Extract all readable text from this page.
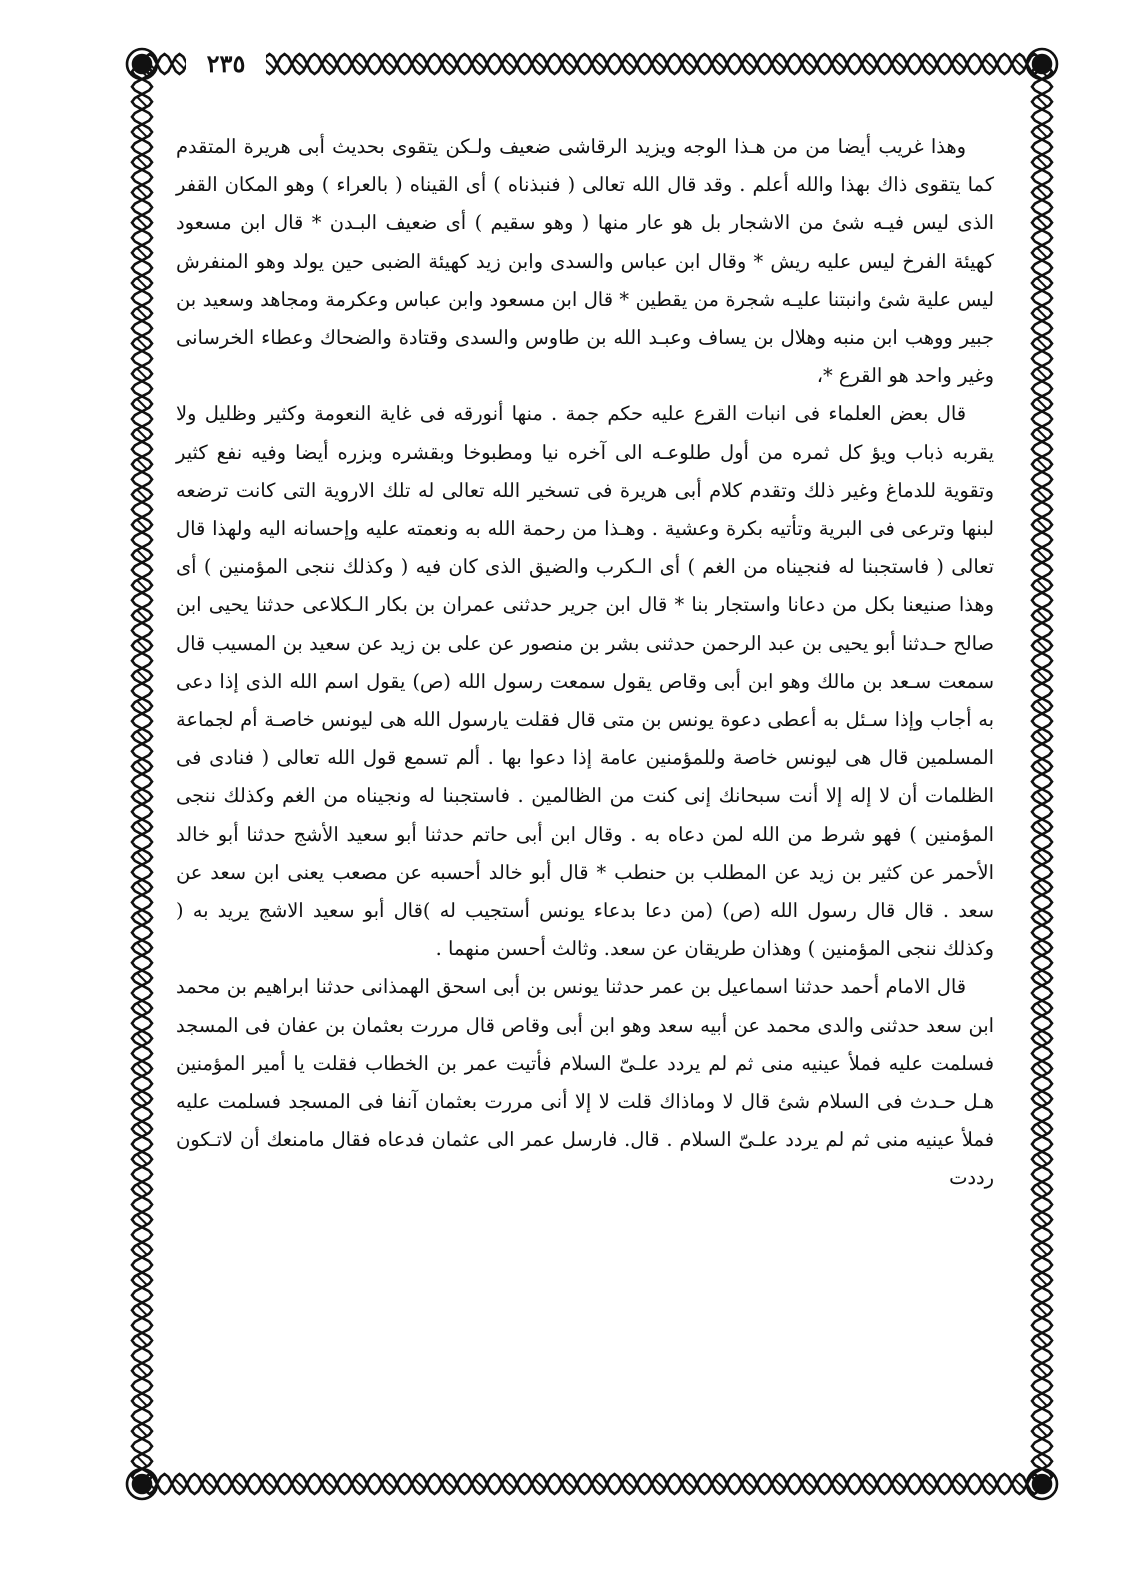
٢٣٥

وهذا غريب أيضا من من هـذا الوجه ويزيد الرقاشى ضعيف ولـكن يتقوى بحديث أبى هريرة المتقدم كما يتقوى ذاك بهذا والله أعلم . وقد قال الله تعالى ( فنبذناه ) أى القيناه ( بالعراء ) وهو المكان القفر الذى ليس فيـه شئ من الاشجار بل هو عار منها ( وهو سقيم ) أى ضعيف البـدن * قال ابن مسعود كهيئة الفرخ ليس عليه ريش * وقال ابن عباس والسدى وابن زيد كهيئة الضبى حين يولد وهو المنفرش ليس علية شئ وانبتنا عليـه شجرة من يقطين * قال ابن مسعود وابن عباس وعكرمة ومجاهد وسعيد بن جبير ووهب ابن منبه وهلال بن يساف وعبـد الله بن طاوس والسدى وقتادة والضحاك وعطاء الخرسانى وغير واحد هو القرع *،

قال بعض العلماء فى انبات القرع عليه حكم جمة . منها أنورقه فى غاية النعومة وكثير وظليل ولا يقربه ذباب ويؤ كل ثمره من أول طلوعـه الى آخره نيا ومطبوخا وبقشره وبزره أيضا وفيه نفع كثير وتقوية للدماغ وغير ذلك وتقدم كلام أبى هريرة فى تسخير الله تعالى له تلك الاروية التى كانت ترضعه لبنها وترعى فى البرية وتأتيه بكرة وعشية . وهـذا من رحمة الله به ونعمته عليه وإحسانه اليه ولهذا قال تعالى ( فاستجبنا له فنجيناه من الغم ) أى الـكرب والضيق الذى كان فيه ( وكذلك ننجى المؤمنين ) أى وهذا صنيعنا بكل من دعانا واستجار بنا * قال ابن جرير حدثنى عمران بن بكار الـكلاعى حدثنا يحيى ابن صالح حـدثنا أبو يحيى بن عبد الرحمن حدثنى بشر بن منصور عن على بن زيد عن سعيد بن المسيب قال سمعت سـعد بن مالك وهو ابن أبى وقاص يقول سمعت رسول الله (ص) يقول اسم الله الذى إذا دعى به أجاب وإذا سـئل به أعطى دعوة يونس بن متى قال فقلت يارسول الله هى ليونس خاصـة أم لجماعة المسلمين قال هى ليونس خاصة وللمؤمنين عامة إذا دعوا بها . ألم تسمع قول الله تعالى ( فنادى فى الظلمات أن لا إله إلا أنت سبحانك إنى كنت من الظالمين . فاستجبنا له ونجيناه من الغم وكذلك ننجى المؤمنين ) فهو شرط من الله لمن دعاه به . وقال ابن أبى حاتم حدثنا أبو سعيد الأشج حدثنا أبو خالد الأحمر عن كثير بن زيد عن المطلب بن حنطب * قال أبو خالد أحسبه عن مصعب يعنى ابن سعد عن سعد . قال قال رسول الله (ص) (من دعا بدعاء يونس أستجيب له )قال أبو سعيد الاشج يريد به ( وكذلك ننجى المؤمنين ) وهذان طريقان عن سعد. وثالث أحسن منهما .

قال الامام أحمد حدثنا اسماعيل بن عمر حدثنا يونس بن أبى اسحق الهمذانى حدثنا ابراهيم بن محمد ابن سعد حدثنى والدى محمد عن أبيه سعد وهو ابن أبى وقاص قال مررت بعثمان بن عفان فى المسجد فسلمت عليه فملأ عينيه منى ثم لم يردد علـىّ السلام فأتيت عمر بن الخطاب فقلت يا أمير المؤمنين هـل حـدث فى السلام شئ قال لا وماذاك قلت لا إلا أنى مررت بعثمان آنفا فى المسجد فسلمت عليه فملأ عينيه منى ثم لم يردد علـىّ السلام . قال. فارسل عمر الى عثمان فدعاه فقال مامنعك أن لاتـكون رددت
